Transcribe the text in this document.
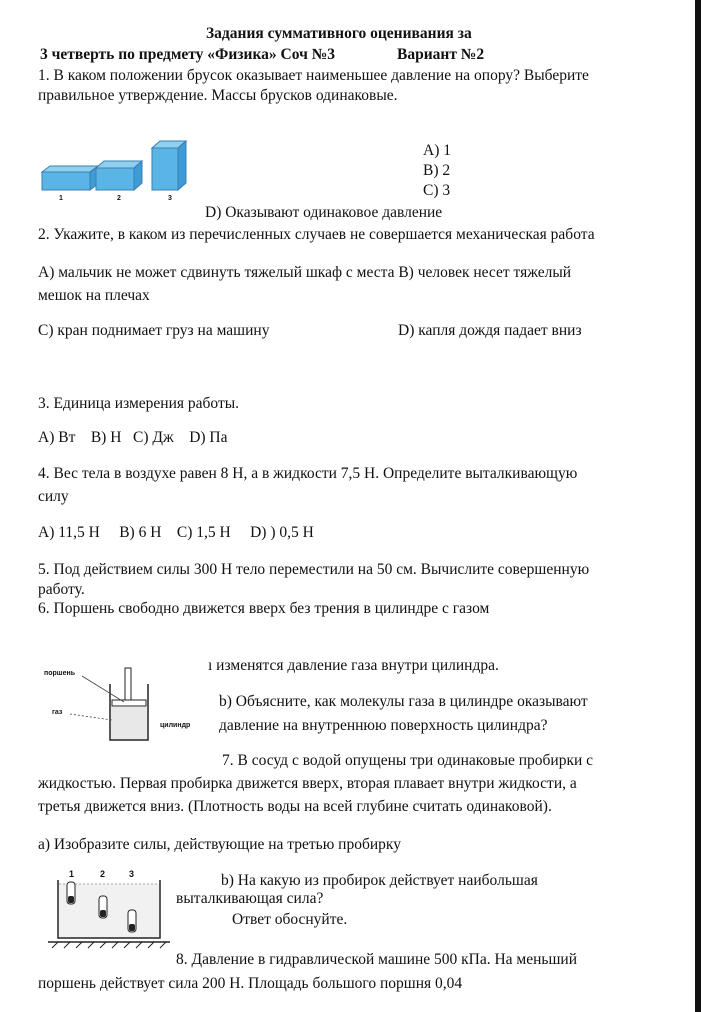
Задания суммативного оценивания за
3 четверть по предмету «Физика» Соч №3	Вариант №2
1. В каком положении брусок оказывает наименьшее давление на опору? Выберите
правильное утверждение. Массы брусков одинаковые.
1	2	3
A) 1
B) 2
C) 3
D) Оказывают одинаковое давление
2. Укажите, в каком из перечисленных случаев не совершается механическая работа
A) мальчик не может сдвинуть тяжелый шкаф с места B) человек несет тяжелый
мешок на плечах
C) кран поднимает груз на машину	D) капля дождя падает вниз
3. Единица измерения работы.
A) Вт    B) Н   C) Дж    D) Па
4. Вес тела в воздухе равен 8 Н, а в жидкости 7,5 Н. Определите выталкивающую
силу
A) 11,5 Н     B) 6 Н    C) 1,5 Н     D) ) 0,5 Н
5. Под действием силы 300 Н тело переместили на 50 см. Вычислите совершенную
работу.
6. Поршень свободно движется вверх без трения в цилиндре с газом
поршень
газ
цилиндр
ı изменятся давление газа внутри цилиндра.
b) Объясните, как молекулы газа в цилиндре оказывают
давление на внутреннюю поверхность цилиндра?
7. В сосуд с водой опущены три одинаковые пробирки с
жидкостью. Первая пробирка движется вверх, вторая плавает внутри жидкости, а
третья движется вниз. (Плотность воды на всей глубине считать одинаковой).
a) Изобразите силы, действующие на третью пробирку
1	2	3	b) На какую из пробирок действует наибольшая
выталкивающая сила?
Ответ обоснуйте.
8. Давление в гидравлической машине 500 кПа. На меньший
поршень действует сила 200 Н. Площадь большого поршня 0,04
